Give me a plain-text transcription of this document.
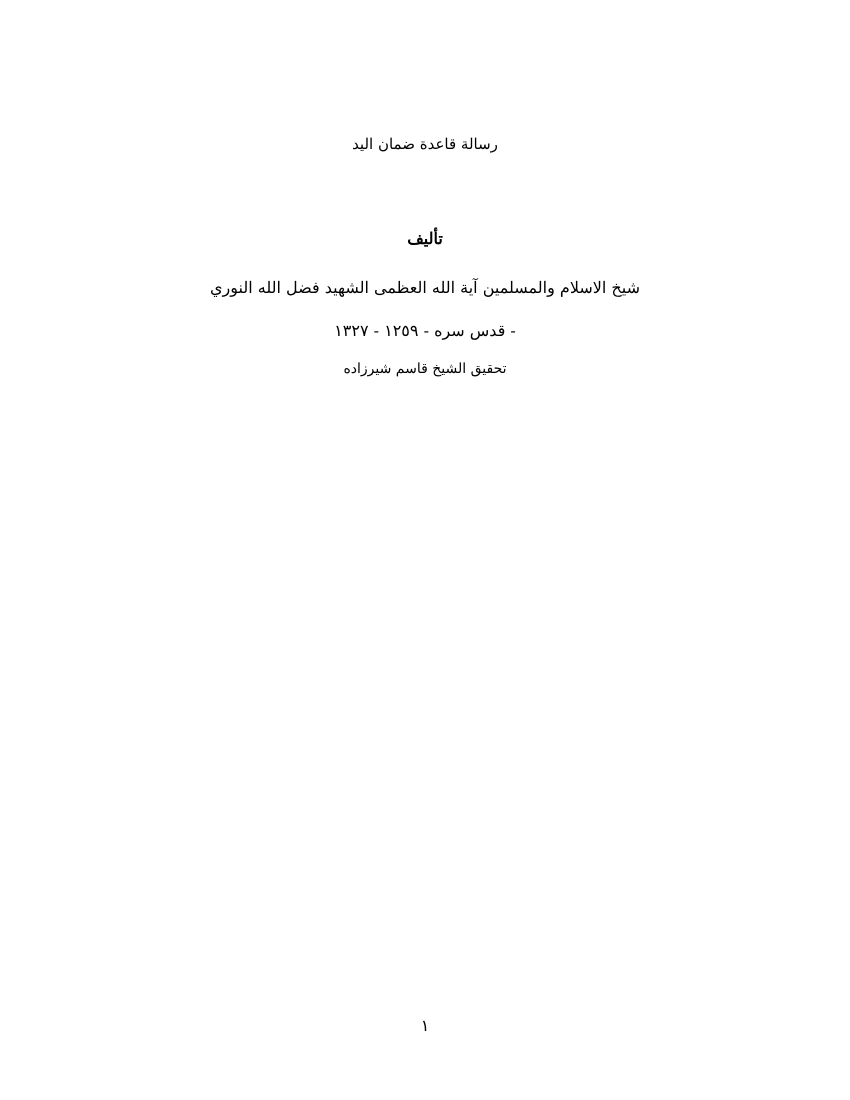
رسالة قاعدة ضمان اليد
تأليف
شيخ الاسلام والمسلمين آية الله العظمى الشهيد فضل الله النوري
- قدس سره - ١٢٥٩ - ١٣٢٧
تحقيق الشيخ قاسم شيرزاده
١
